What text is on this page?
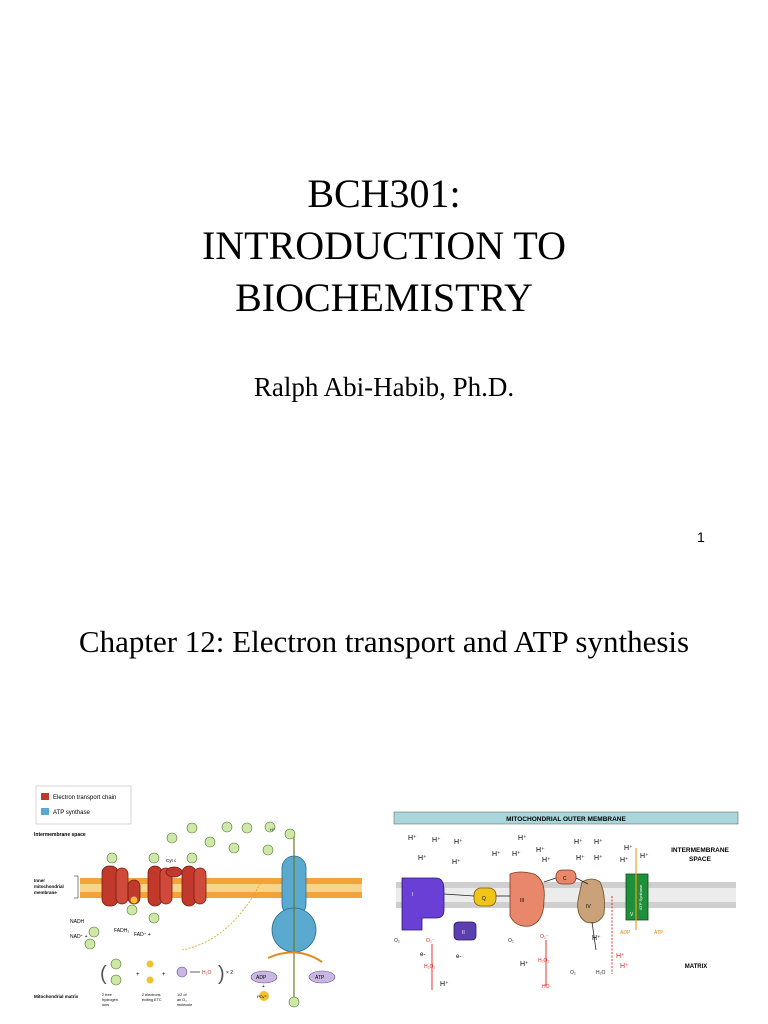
BCH301:
INTRODUCTION TO
BIOCHEMISTRY
Ralph Abi-Habib, Ph.D.
1
Chapter 12: Electron transport and ATP synthesis
Electron transport chain
ATP synthase
Intermembrane space
Inner
mitochondrial
membrane
Cyt c
H⁺
NADH
NAD⁺ +
FADH₂
FAD⁺ +
(	+	+	H₂O ) × 2
ADP
+
PO₄³⁻
ATP
Mitochondrial matrix	2 free
hydrogen
ions
2 electrons
exiting ETC
1/2 of
an O₂
molecule
MITOCHONDRIAL OUTER MEMBRANE
INTERMEMBRANE
SPACE
MATRIX
H⁺ H⁺ H⁺
H⁺
H⁺
H⁺
H⁺ H⁺
H⁺
H⁺
H⁺ H⁺
H⁺ H⁺
H⁺
H⁺
H⁺
I
II
Q	III
C
IV
V
ATP Synthase
ADP	ATP
O₂	O₂⁻
H₂O₂
O₂
O₂⁻
H₂O₂
HO·
O₂	H₂O
e-	e-
H⁺
H⁺
H⁺
H⁺
H⁺
